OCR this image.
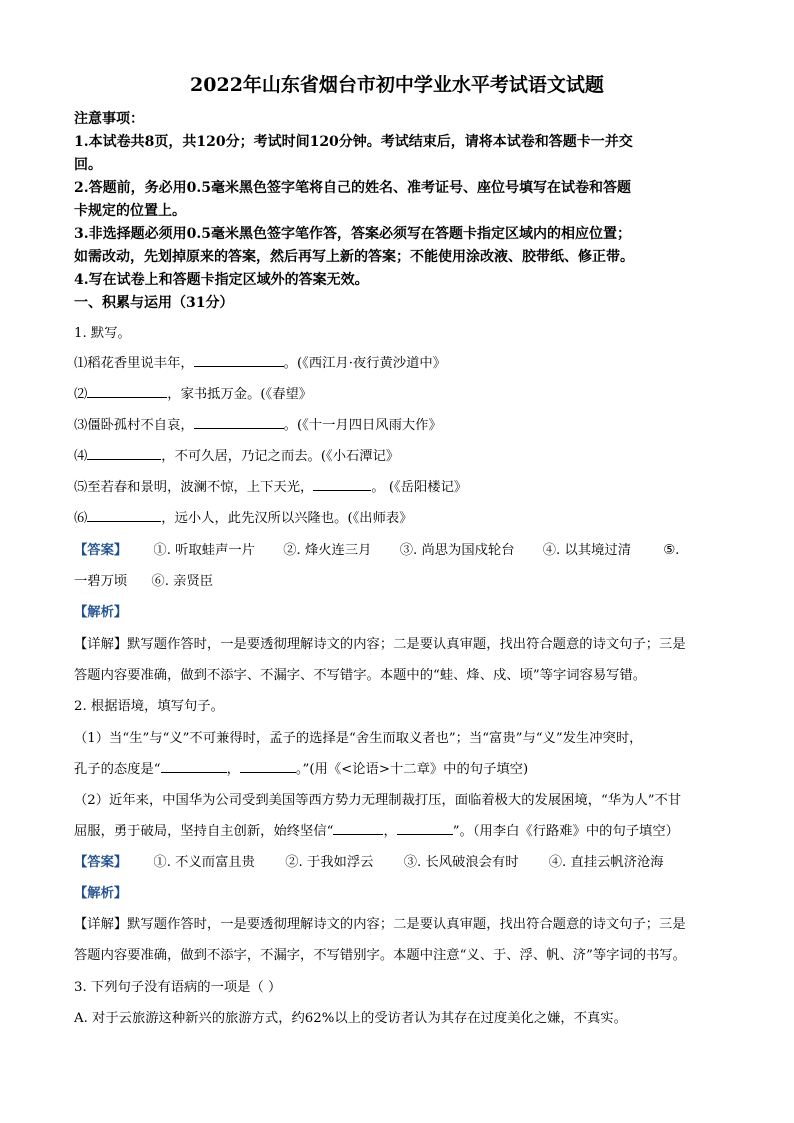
2022年山东省烟台市初中学业水平考试语文试题
注意事项：
1.本试卷共8页，共120分；考试时间120分钟。考试结束后，请将本试卷和答题卡一并交
回。
2.答题前，务必用0.5毫米黑色签字笔将自己的姓名、准考证号、座位号填写在试卷和答题
卡规定的位置上。
3.非选择题必须用0.5毫米黑色签字笔作答，答案必须写在答题卡指定区域内的相应位置；
如需改动，先划掉原来的答案，然后再写上新的答案；不能使用涂改液、胶带纸、修正带。
4.写在试卷上和答题卡指定区域外的答案无效。
一、积累与运用（31分）
1. 默写。
⑴稻花香里说丰年，	。(《西江月·夜行黄沙道中》
⑵	，家书抵万金。(《春望》
⑶僵卧孤村不自哀，	。(《十一月四日风雨大作》
⑷	，不可久居，乃记之而去。(《小石潭记》
⑸至若春和景明，波澜不惊，上下天光，	。 (《岳阳楼记》
⑹	，远小人，此先汉所以兴隆也。(《出师表》
【答案】 ①. 听取蛙声一片 ②. 烽火连三月 ③. 尚思为国戍轮台 ④. 以其境过清 ⑤.
一碧万顷 ⑥. 亲贤臣
【解析】
【详解】默写题作答时，一是要透彻理解诗文的内容；二是要认真审题，找出符合题意的诗文句子；三是
答题内容要准确，做到不添字、不漏字、不写错字。本题中的“蛙、烽、戍、顷”等字词容易写错。
2. 根据语境，填写句子。
（1）当“生”与“义”不可兼得时，孟子的选择是“舍生而取义者也”；当“富贵”与“义”发生冲突时，
孔子的态度是“	，	。”(用《<论语>十二章》中的句子填空)
（2）近年来，中国华为公司受到美国等西方势力无理制裁打压，面临着极大的发展困境，“华为人”不甘
屈服，勇于破局，坚持自主创新，始终坚信“	，	”。（用李白《行路难》中的句子填空）
【答案】 ①. 不义而富且贵 ②. 于我如浮云 ③. 长风破浪会有时 ④. 直挂云帆济沧海
【解析】
【详解】默写题作答时，一是要透彻理解诗文的内容；二是要认真审题，找出符合题意的诗文句子；三是
答题内容要准确，做到不添字，不漏字，不写错别字。本题中注意“义、于、浮、帆、济”等字词的书写。
3. 下列句子没有语病的一项是（ ）
A. 对于云旅游这种新兴的旅游方式，约62%以上的受访者认为其存在过度美化之嫌，不真实。
